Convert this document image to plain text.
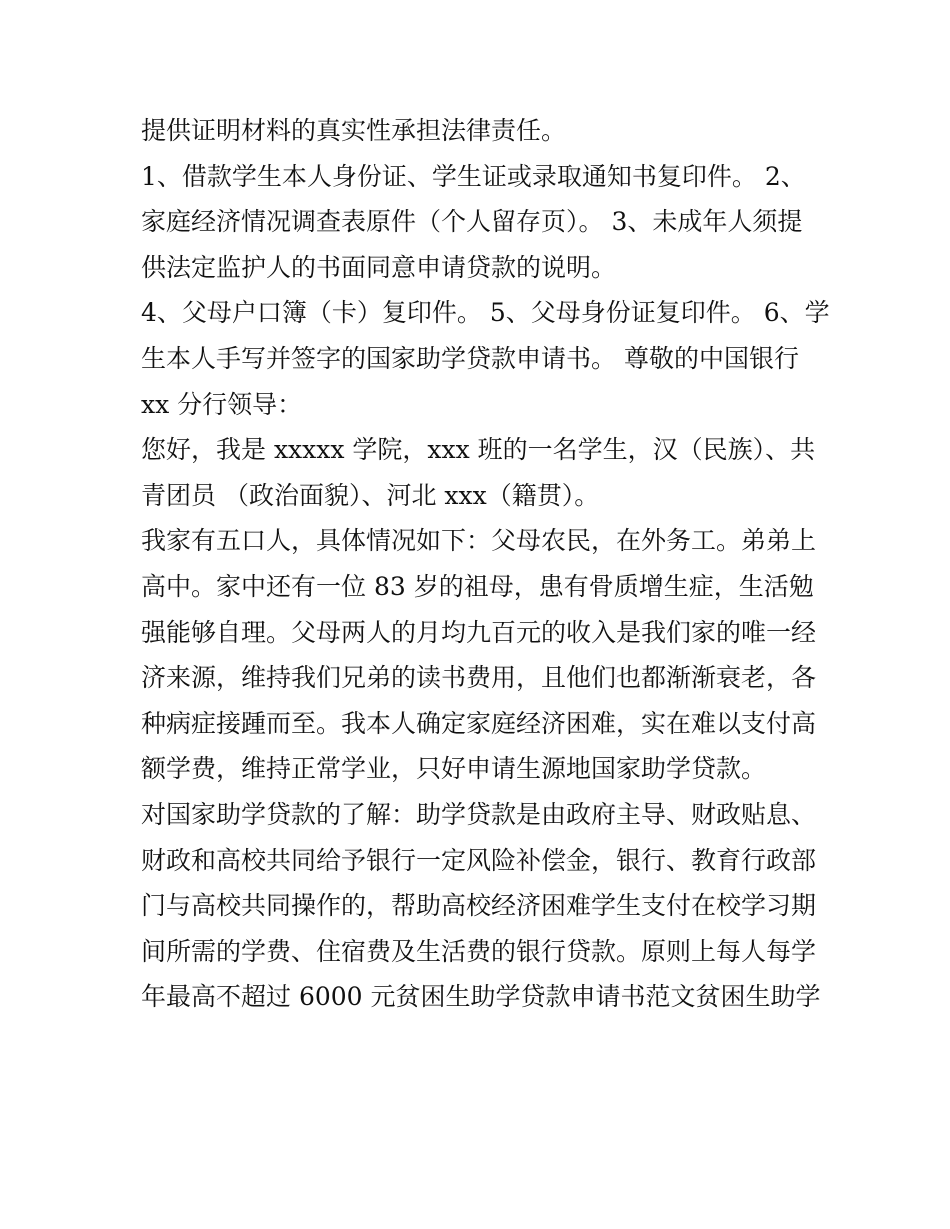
提供证明材料的真实性承担法律责任。
1、借款学生本人身份证、学生证或录取通知书复印件。 2、
家庭经济情况调查表原件（个人留存页）。 3、未成年人须提
供法定监护人的书面同意申请贷款的说明。
4、父母户口簿（卡）复印件。 5、父母身份证复印件。 6、学
生本人手写并签字的国家助学贷款申请书。 尊敬的中国银行
xx 分行领导：
您好，我是 xxxxx 学院，xxx 班的一名学生，汉（民族）、共
青团员 （政治面貌）、河北 xxx（籍贯）。
我家有五口人，具体情况如下：父母农民，在外务工。弟弟上
高中。家中还有一位 83 岁的祖母，患有骨质增生症，生活勉
强能够自理。父母两人的月均九百元的收入是我们家的唯一经
济来源，维持我们兄弟的读书费用，且他们也都渐渐衰老，各
种病症接踵而至。我本人确定家庭经济困难，实在难以支付高
额学费，维持正常学业，只好申请生源地国家助学贷款。
对国家助学贷款的了解：助学贷款是由政府主导、财政贴息、
财政和高校共同给予银行一定风险补偿金，银行、教育行政部
门与高校共同操作的，帮助高校经济困难学生支付在校学习期
间所需的学费、住宿费及生活费的银行贷款。原则上每人每学
年最高不超过 6000 元贫困生助学贷款申请书范文贫困生助学
